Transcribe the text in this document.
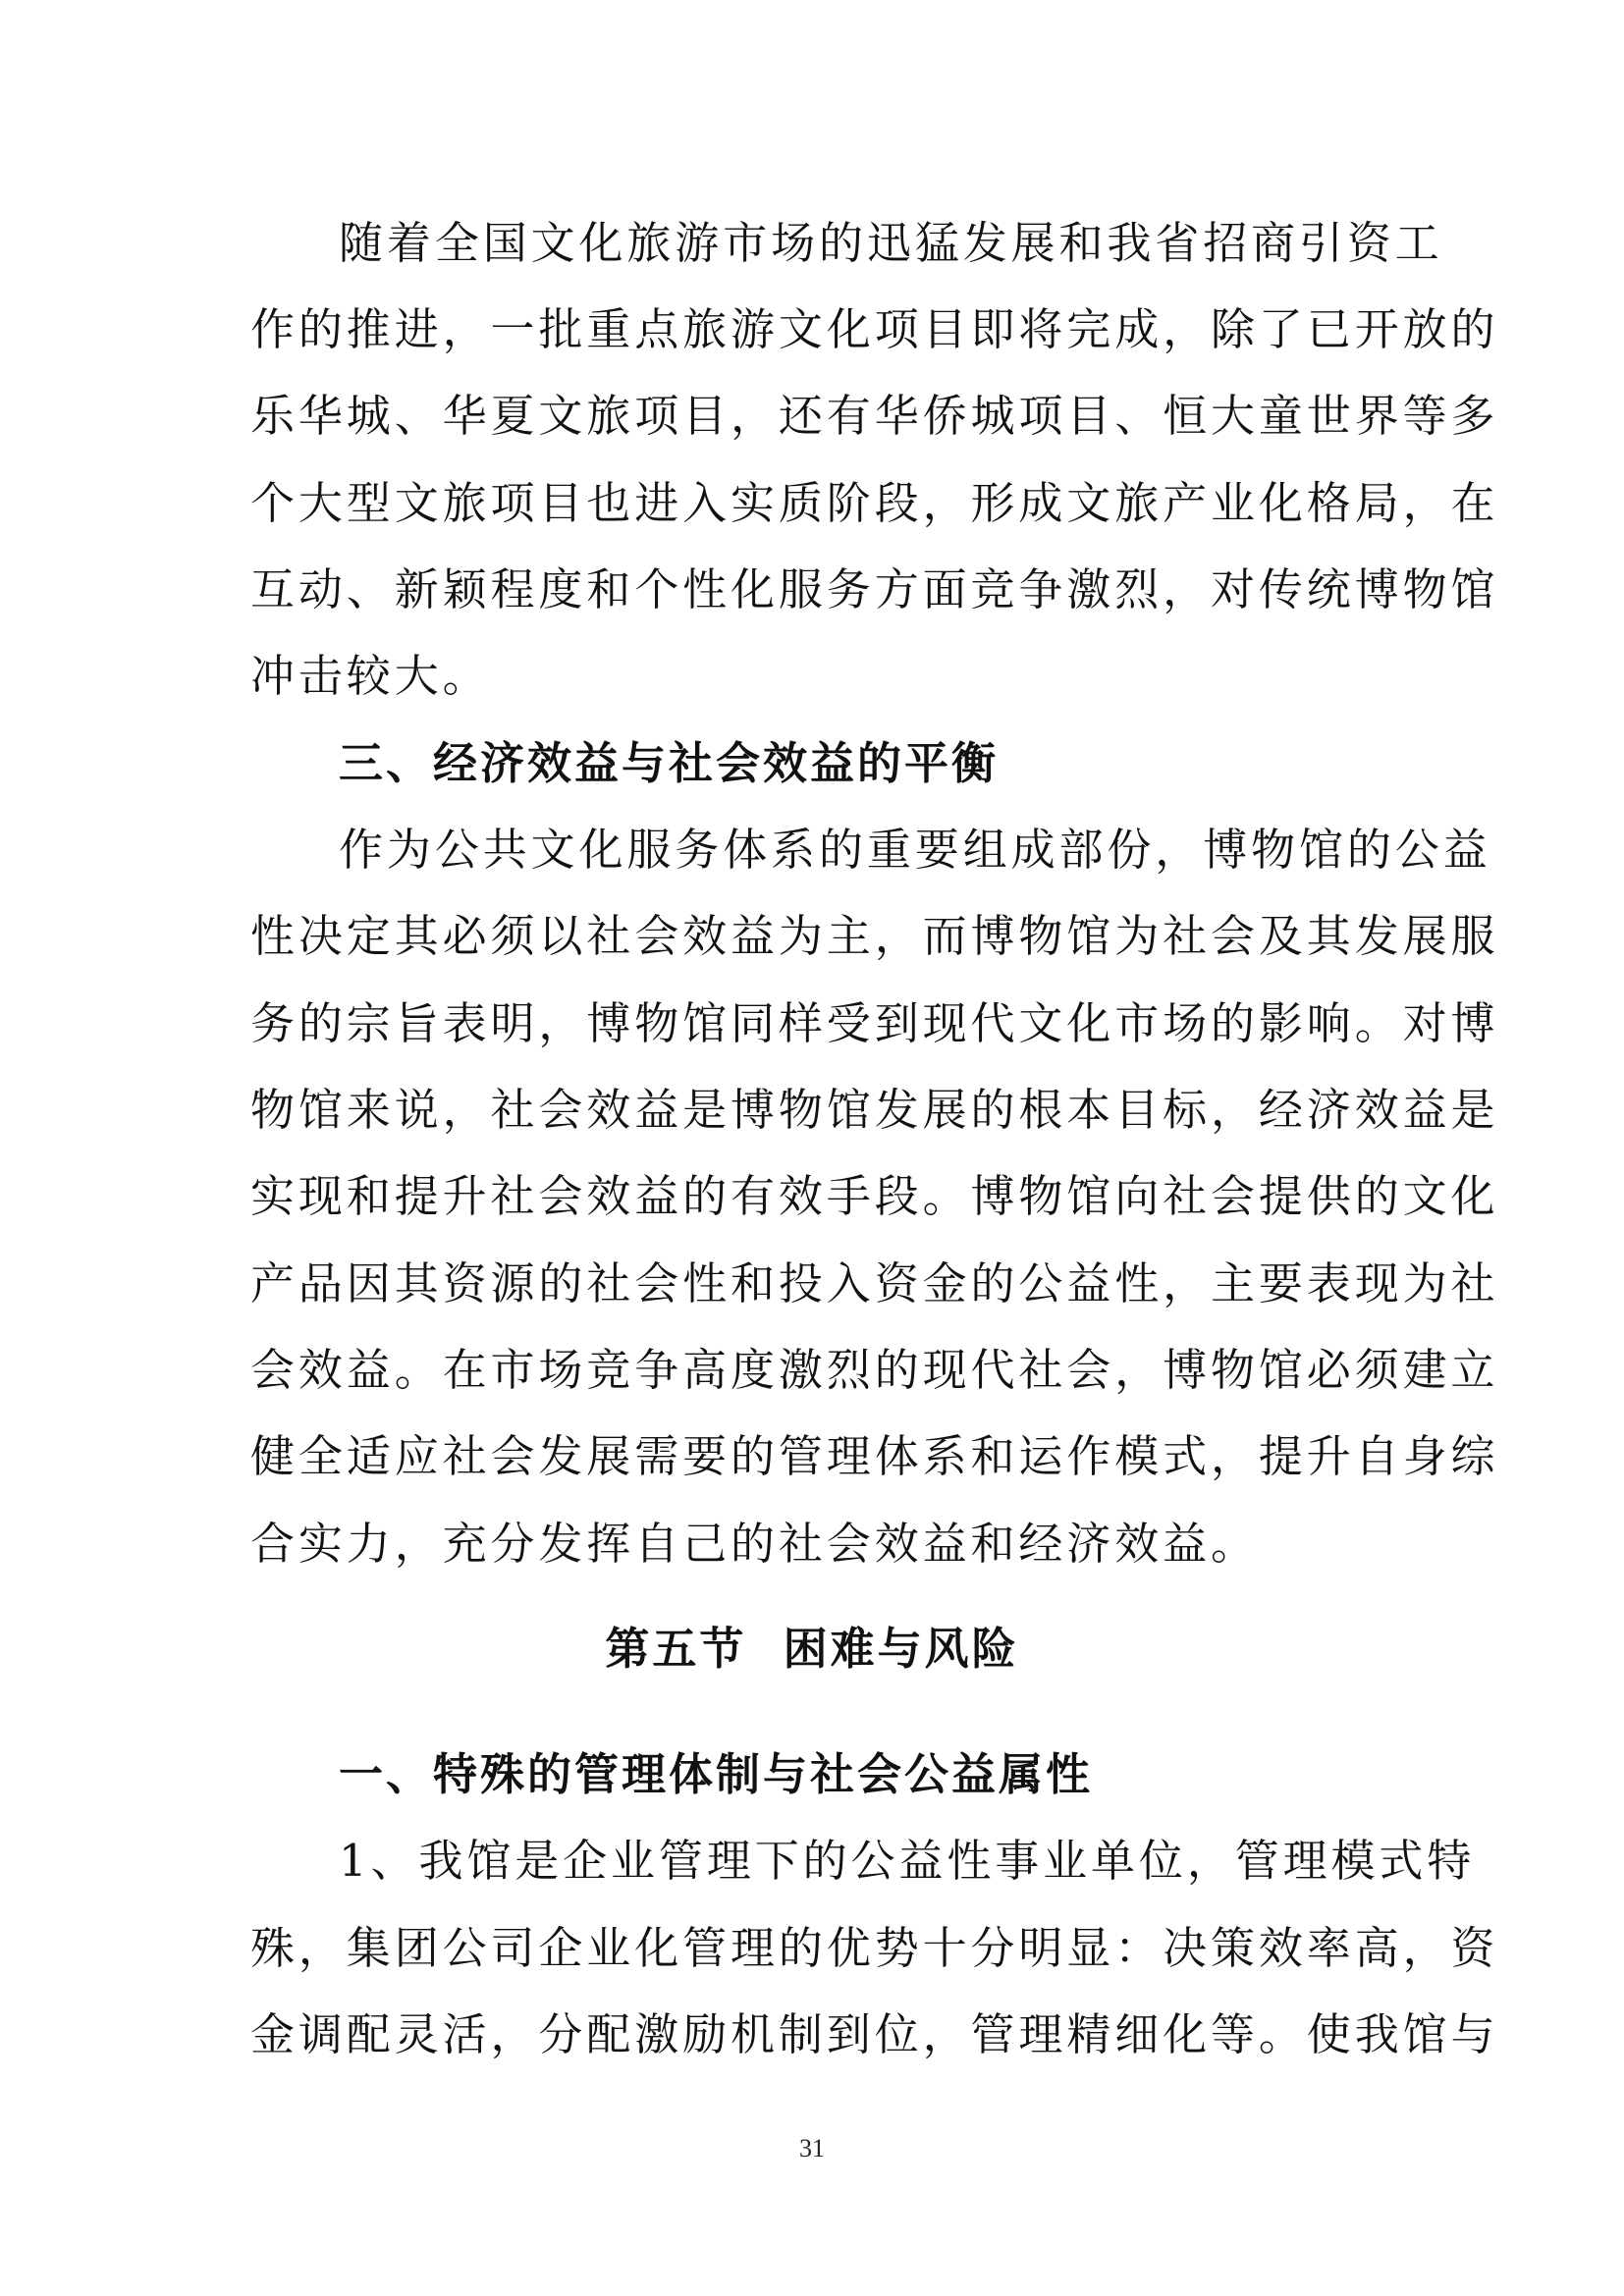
随着全国文化旅游市场的迅猛发展和我省招商引资工
作的推进，一批重点旅游文化项目即将完成，除了已开放的
乐华城、华夏文旅项目，还有华侨城项目、恒大童世界等多
个大型文旅项目也进入实质阶段，形成文旅产业化格局，在
互动、新颖程度和个性化服务方面竞争激烈，对传统博物馆
冲击较大。
三、经济效益与社会效益的平衡
作为公共文化服务体系的重要组成部份，博物馆的公益
性决定其必须以社会效益为主，而博物馆为社会及其发展服
务的宗旨表明，博物馆同样受到现代文化市场的影响。对博
物馆来说，社会效益是博物馆发展的根本目标，经济效益是
实现和提升社会效益的有效手段。博物馆向社会提供的文化
产品因其资源的社会性和投入资金的公益性，主要表现为社
会效益。在市场竞争高度激烈的现代社会，博物馆必须建立
健全适应社会发展需要的管理体系和运作模式，提升自身综
合实力，充分发挥自己的社会效益和经济效益。
第五节  困难与风险
一、特殊的管理体制与社会公益属性
1、我馆是企业管理下的公益性事业单位，管理模式特
殊，集团公司企业化管理的优势十分明显：决策效率高，资
金调配灵活，分配激励机制到位，管理精细化等。使我馆与
31
